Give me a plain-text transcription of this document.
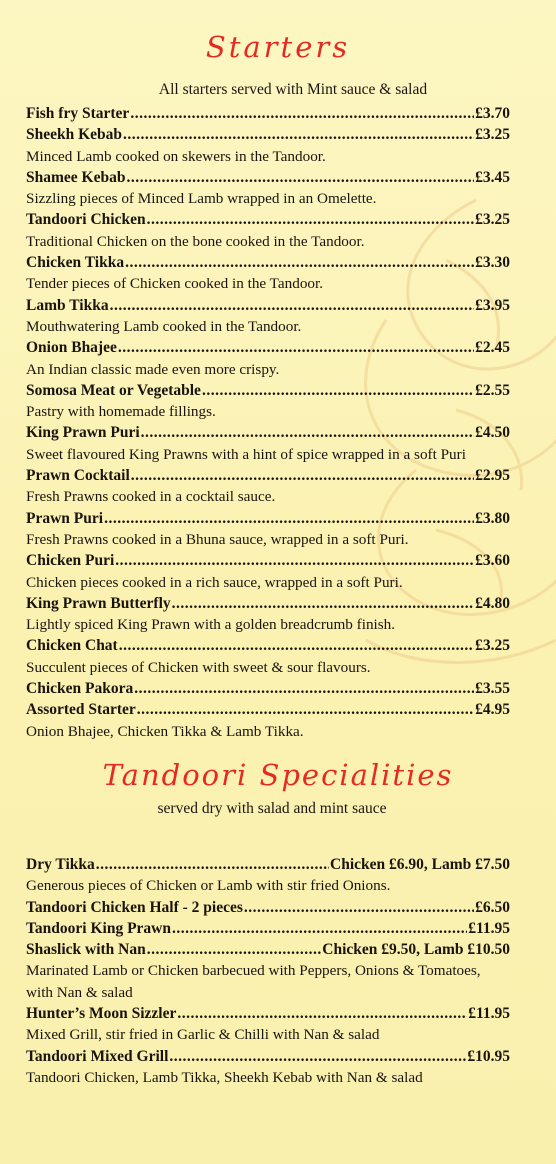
Starters
All starters served with Mint sauce & salad
Fish fry Starter .....	£3.70
Sheekh Kebab .....	£3.25
Minced Lamb cooked on skewers in the Tandoor.
Shamee Kebab .....	£3.45
Sizzling pieces of Minced Lamb wrapped in an Omelette.
Tandoori Chicken .....	£3.25
Traditional Chicken on the bone cooked in the Tandoor.
Chicken Tikka .....	£3.30
Tender pieces of Chicken cooked in the Tandoor.
Lamb Tikka .....	£3.95
Mouthwatering Lamb cooked in the Tandoor.
Onion Bhajee .....	£2.45
An Indian classic made even more crispy.
Somosa Meat or Vegetable .....	£2.55
Pastry with homemade fillings.
King Prawn Puri .....	£4.50
Sweet flavoured King Prawns with a hint of spice wrapped in a soft Puri
Prawn Cocktail .....	£2.95
Fresh Prawns cooked in a cocktail sauce.
Prawn Puri .....	£3.80
Fresh Prawns cooked in a Bhuna sauce, wrapped in a soft Puri.
Chicken Puri .....	£3.60
Chicken pieces cooked in a rich sauce, wrapped in a soft Puri.
King Prawn Butterfly .....	£4.80
Lightly spiced King Prawn with a golden breadcrumb finish.
Chicken Chat .....	£3.25
Succulent pieces of Chicken with sweet & sour flavours.
Chicken Pakora .....	£3.55
Assorted Starter .....	£4.95
Onion Bhajee, Chicken Tikka & Lamb Tikka.
Tandoori Specialities
served dry with salad and mint sauce
Dry Tikka .....	Chicken £6.90, Lamb £7.50
Generous pieces of Chicken or Lamb with stir fried Onions.
Tandoori Chicken Half - 2 pieces .....	£6.50
Tandoori King Prawn .....	£11.95
Shaslick with Nan .....	Chicken £9.50, Lamb £10.50
Marinated Lamb or Chicken barbecued with Peppers, Onions & Tomatoes, with Nan & salad
Hunter’s Moon Sizzler .....	£11.95
Mixed Grill, stir fried in Garlic & Chilli with Nan & salad
Tandoori Mixed Grill .....	£10.95
Tandoori Chicken, Lamb Tikka, Sheekh Kebab with Nan & salad
